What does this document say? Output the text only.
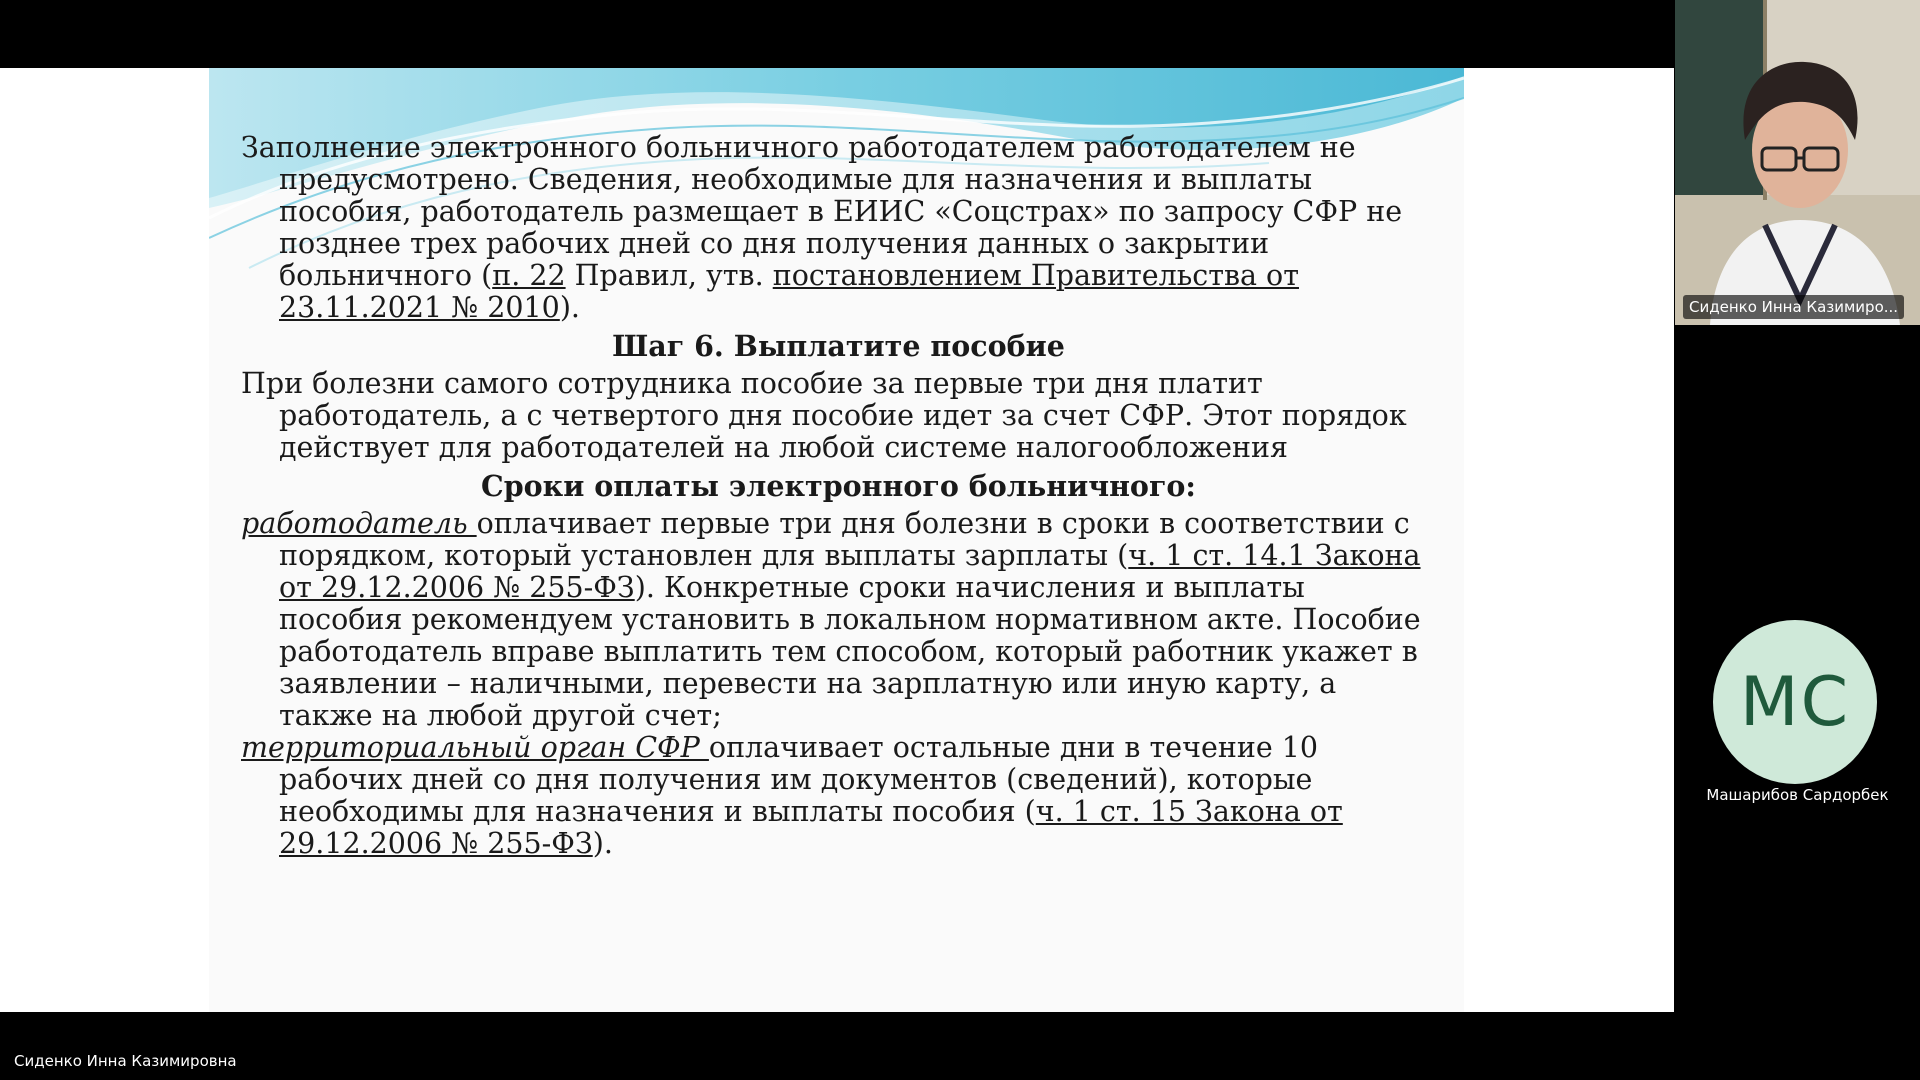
Заполнение электронного больничного работодателем работодателем не предусмотрено. Сведения, необходимые для назначения и выплаты пособия, работодатель размещает в ЕИИС «Соцстрах» по запросу СФР не позднее трех рабочих дней со дня получения данных о закрытии больничного (п. 22 Правил, утв. постановлением Правительства от 23.11.2021 № 2010).

Шаг 6. Выплатите пособие

При болезни самого сотрудника пособие за первые три дня платит работодатель, а с четвертого дня пособие идет за счет СФР. Этот порядок действует для работодателей на любой системе налогообложения

Сроки оплаты электронного больничного:

работодатель оплачивает первые три дня болезни в сроки в соответствии с порядком, который установлен для выплаты зарплаты (ч. 1 ст. 14.1 Закона от 29.12.2006 № 255-ФЗ). Конкретные сроки начисления и выплаты пособия рекомендуем установить в локальном нормативном акте. Пособие работодатель вправе выплатить тем способом, который работник укажет в заявлении – наличными, перевести на зарплатную или иную карту, а также на любой другой счет;

территориальный орган СФР оплачивает остальные дни в течение 10 рабочих дней со дня получения им документов (сведений), которые необходимы для назначения и выплаты пособия (ч. 1 ст. 15 Закона от 29.12.2006 № 255-ФЗ).

Сиденко Инна Казимиро...
МС
Машарибов Сардорбек
Сиденко Инна Казимировна
